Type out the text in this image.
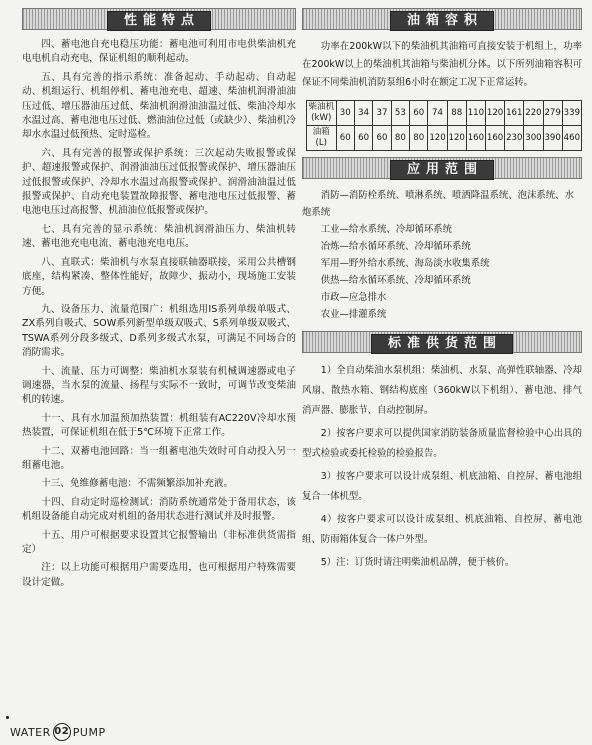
性能特点

四、蓄电池自充电稳压功能：蓄电池可利用市电供柴油机充电电机自动充电，保证机组的顺利起动。

五、具有完善的指示系统：准备起动、手动起动、自动起动、机组运行、机组停机、蓄电池充电、超速、柴油机润滑油油压过低、增压器油压过低、柴油机润滑油油温过低、柴油冷却水水温过高、蓄电池电压过低、燃油油位过低（或缺少）、柴油机冷却水水温过低预热、定时巡检。

六、具有完善的报警或保护系统：三次起动失败报警或保护、超速报警或保护、润滑油油压过低报警或保护、增压器油压过低报警或保护、冷却水水温过高报警或保护、润滑油油温过低报警或保护、自动充电装置故障报警、蓄电池电压过低报警、蓄电池电压过高报警、机油油位低报警或保护。

七、具有完善的显示系统：柴油机润滑油压力、柴油机转速、蓄电池充电电流、蓄电池充电电压。

八、直联式：柴油机与水泵直接联轴器联接，采用公共槽钢底座，结构紧凑、整体性能好，故障少、振动小，现场施工安装方便。

九、设备压力、流量范围广：机组选用IS系列单级单吸式、ZX系列自吸式、SOW系列新型单级双吸式、S系列单级双吸式、TSWA系列分段多级式、D系列多级式水泵，可满足不同场合的消防需求。

十、流量、压力可调整：柴油机水泵装有机械调速器或电子调速器，当水泵的流量、扬程与实际不一致时，可调节改变柴油机的转速。

十一、具有水加温预加热装置：机组装有AC220V冷却水预热装置，可保证机组在低于5℃环境下正常工作。

十二、双蓄电池回路：当一组蓄电池失效时可自动投入另一组蓄电池。

十三、免维修蓄电池：不需频繁添加补充液。

十四、自动定时巡检测试：消防系统通常处于备用状态，该机组设备能自动完成对机组的备用状态进行测试并及时报警。

十五、用户可根据要求设置其它报警输出（非标准供货需指定）

注：以上功能可根据用户需要选用，也可根据用户特殊需要设计定做。

油箱容积

功率在200kW以下的柴油机其油箱可直接安装于机组上，功率在200kW以上的柴油机其油箱与柴油机分体。以下所列油箱容积可保证不同柴油机消防泵组6小时在额定工况下正常运转。

柴油机(kW)	30	34	37	53	60	74	88	110	120	161	220	279	339
油箱(L)	60	60	60	80	80	120	120	160	160	230	300	390	460
应用范围
消防—消防栓系统、喷淋系统、喷洒降温系统、泡沫系统、水炮系统
工业—给水系统、冷却循环系统
冶炼—给水循环系统、冷却循环系统
军用—野外给水系统、海岛淡水收集系统
供热—给水循环系统、冷却循环系统
市政—应急排水
农业—排灌系统
标准供货范围

1）全自动柴油水泵机组：柴油机、水泵、高弹性联轴器、冷却风扇、散热水箱、钢结构底座（360kW以下机组）、蓄电池、排气消声器、膨胀节、自动控制屏。

2）按客户要求可以提供国家消防装备质量监督检验中心出具的型式检验或委托检验的检验报告。

3）按客户要求可以设计成泵组、机底油箱、自控屏、蓄电池组复合一体机型。

4）按客户要求可以设计成泵组、机底油箱、自控屏、蓄电池组、防雨箱体复合一体户外型。

5）注：订货时请注明柴油机品牌，便于核价。

WATER 02 PUMP
